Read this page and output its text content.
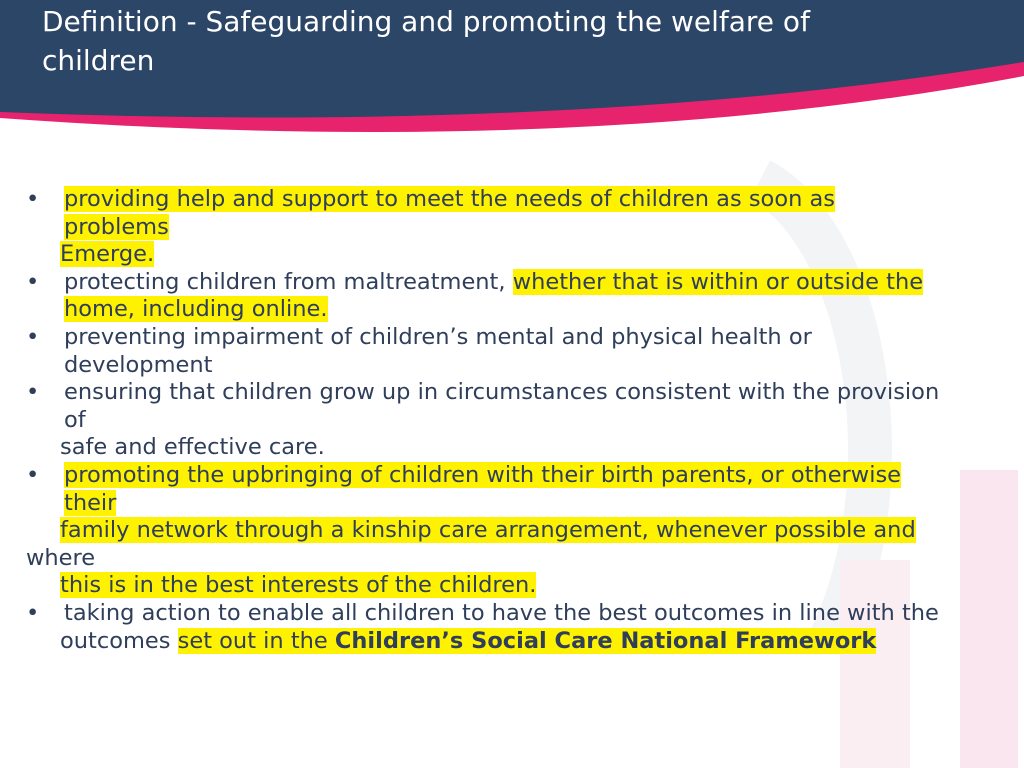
Definition - Safeguarding and promoting the welfare of
children
• providing help and support to meet the needs of children as soon as
problems
Emerge.
• protecting children from maltreatment, whether that is within or outside the
home, including online.
• preventing impairment of children’s mental and physical health or
development
• ensuring that children grow up in circumstances consistent with the provision
of
safe and effective care.
• promoting the upbringing of children with their birth parents, or otherwise
their
family network through a kinship care arrangement, whenever possible and
where
this is in the best interests of the children.
• taking action to enable all children to have the best outcomes in line with the
outcomes set out in the Children’s Social Care National Framework
